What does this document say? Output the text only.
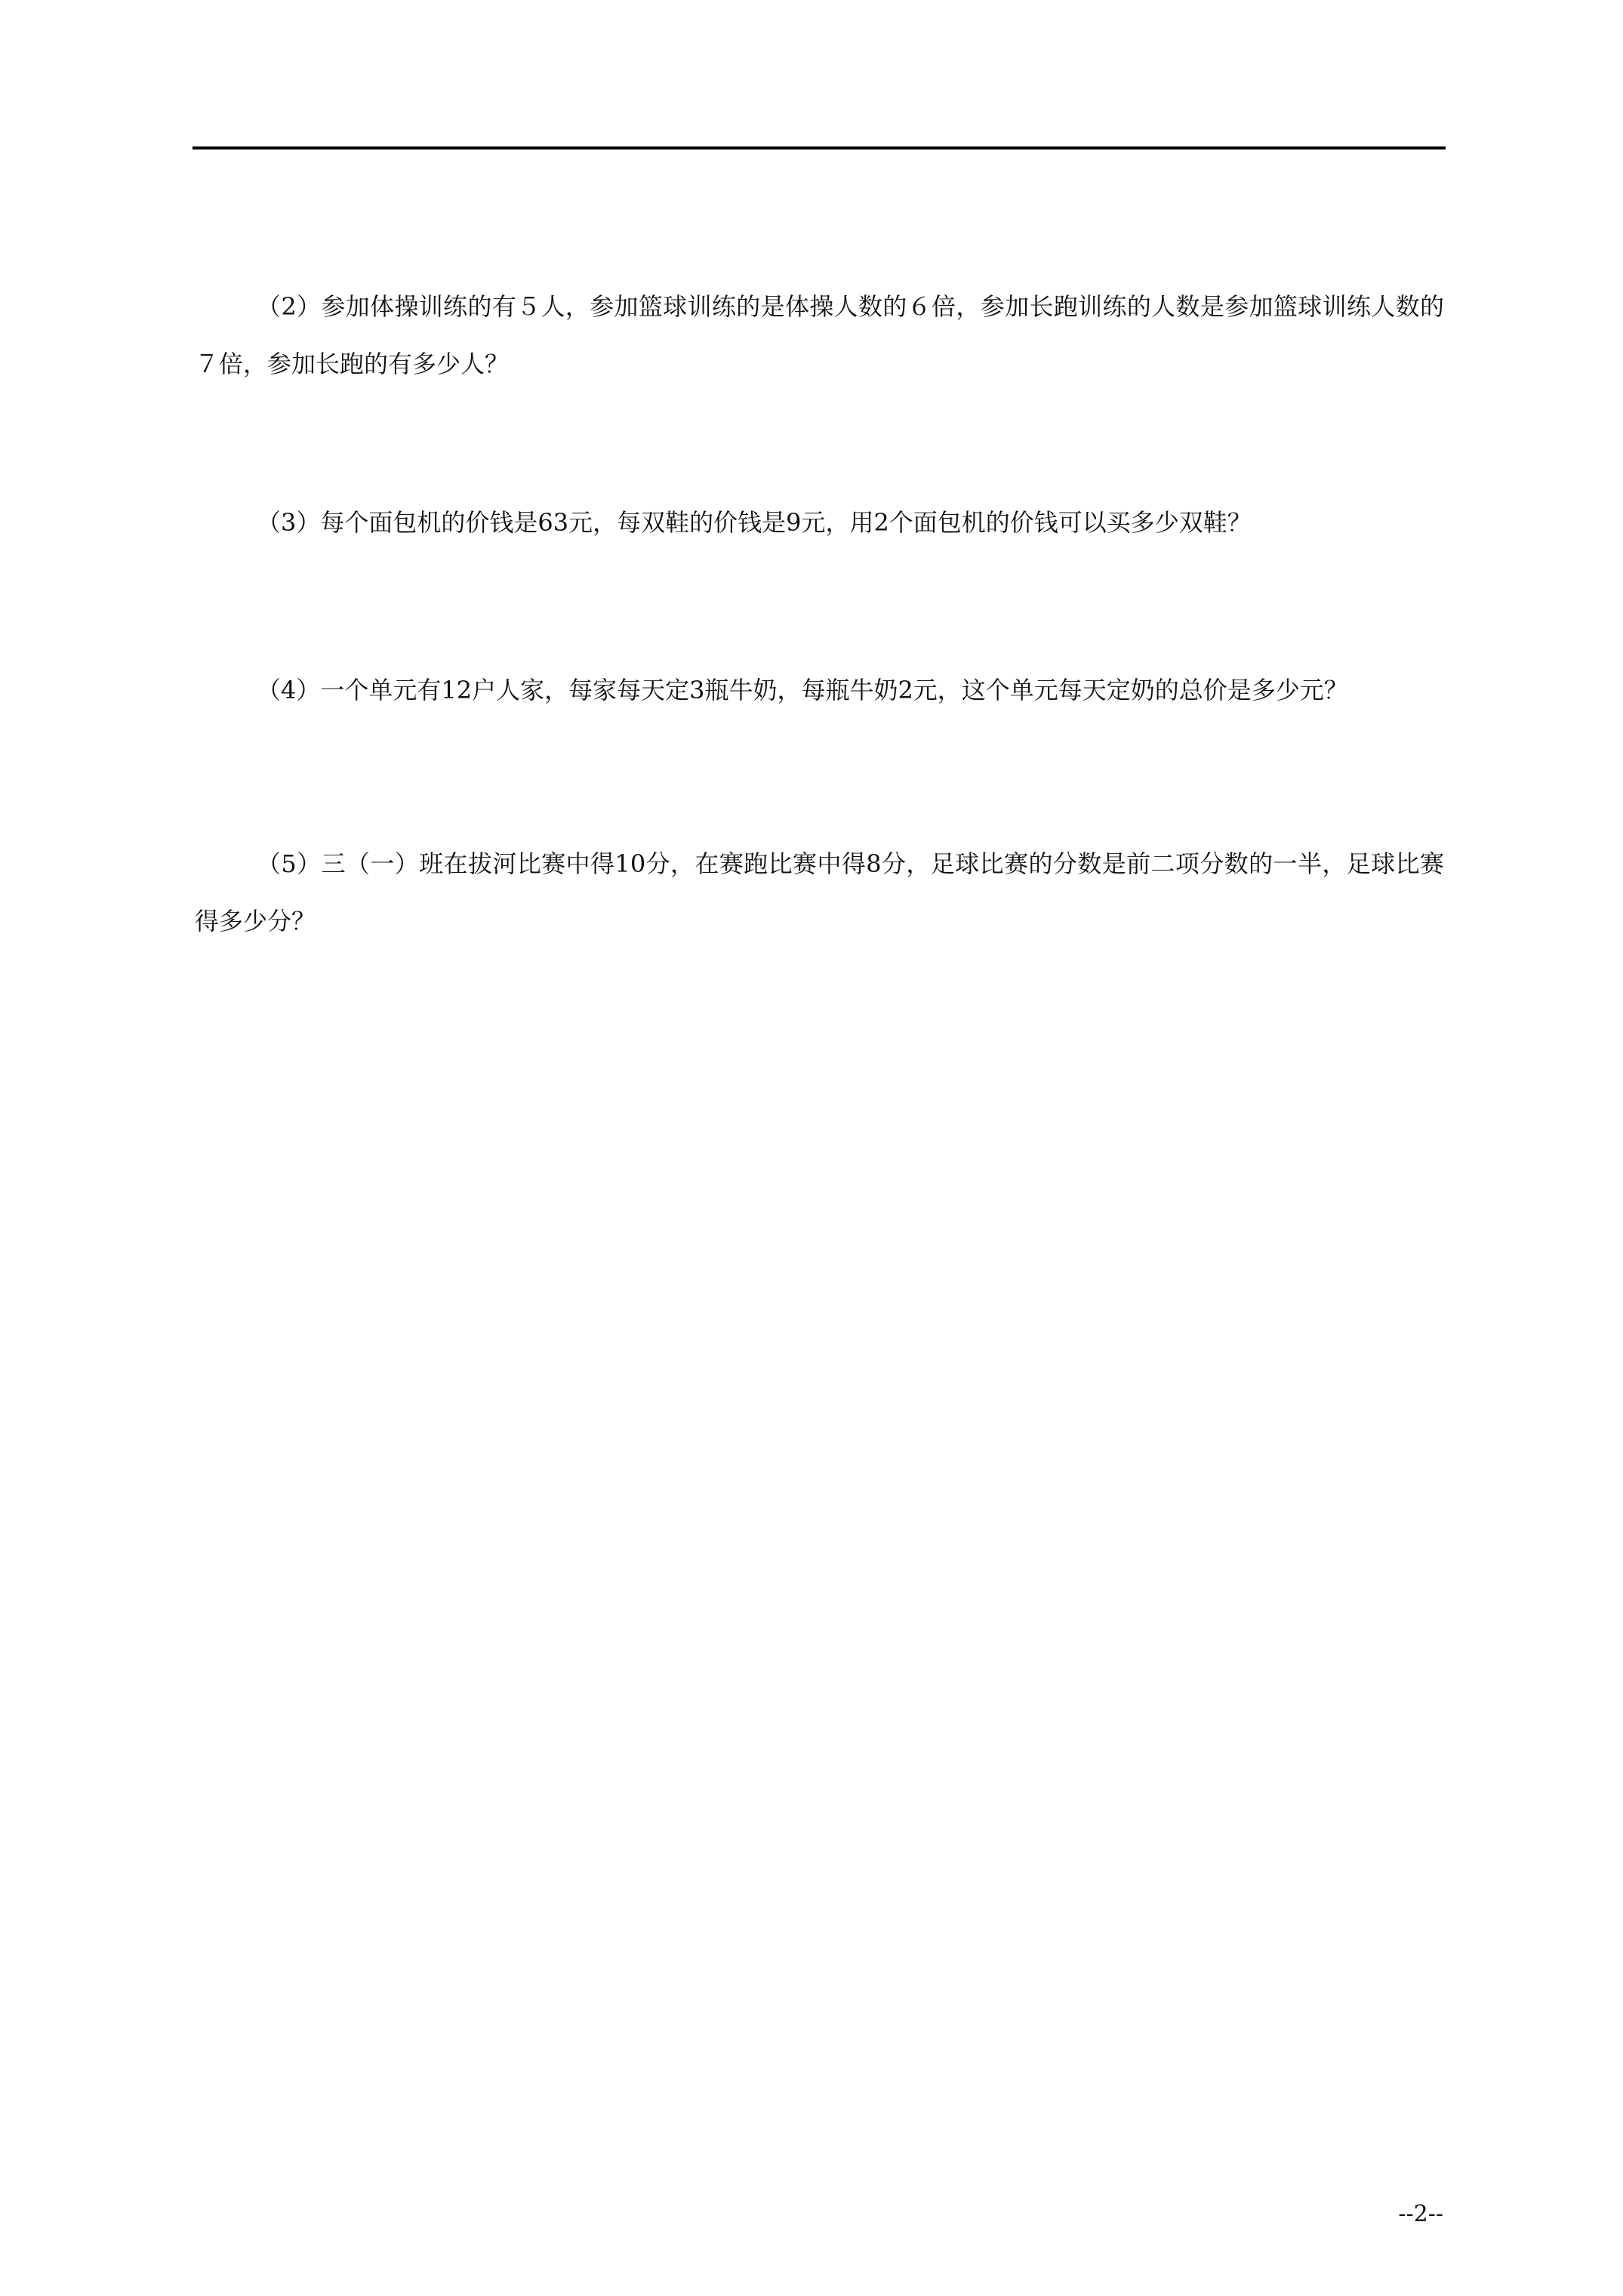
（2）参加体操训练的有５人，参加篮球训练的是体操人数的６倍，参加长跑训练的人数是参加篮球训练人数的７倍，参加长跑的有多少人？

（3）每个面包机的价钱是63元，每双鞋的价钱是9元，用2个面包机的价钱可以买多少双鞋？

（4）一个单元有12户人家，每家每天定3瓶牛奶，每瓶牛奶2元，这个单元每天定奶的总价是多少元？

（5）三（一）班在拔河比赛中得10分，在赛跑比赛中得8分，足球比赛的分数是前二项分数的一半，足球比赛得多少分？

--2--
